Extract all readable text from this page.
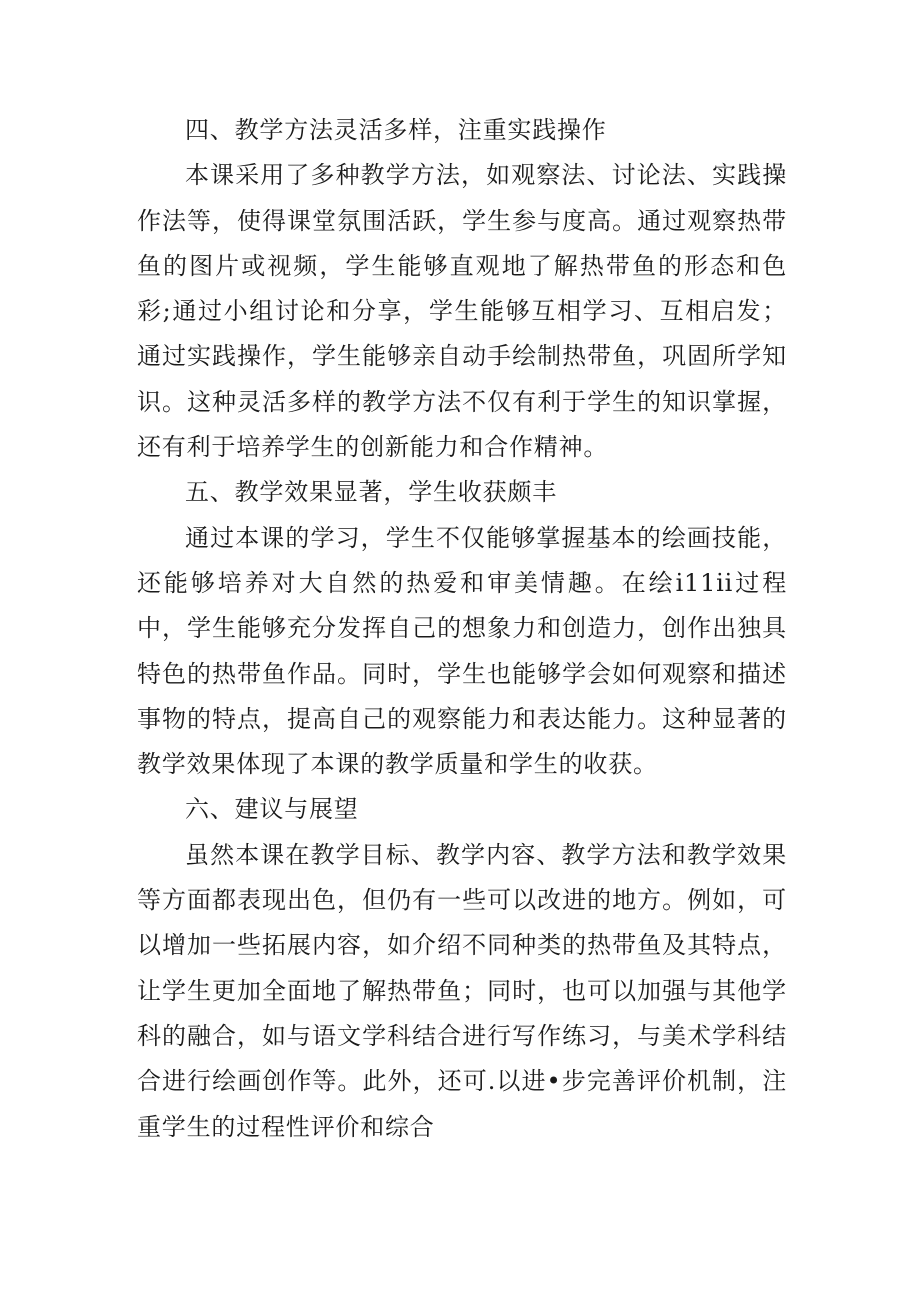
四、教学方法灵活多样，注重实践操作

本课采用了多种教学方法，如观察法、讨论法、实践操作法等，使得课堂氛围活跃，学生参与度高。通过观察热带鱼的图片或视频，学生能够直观地了解热带鱼的形态和色彩;通过小组讨论和分享，学生能够互相学习、互相启发；通过实践操作，学生能够亲自动手绘制热带鱼，巩固所学知识。这种灵活多样的教学方法不仅有利于学生的知识掌握，还有利于培养学生的创新能力和合作精神。

五、教学效果显著，学生收获颇丰

通过本课的学习，学生不仅能够掌握基本的绘画技能，还能够培养对大自然的热爱和审美情趣。在绘i11ii过程中，学生能够充分发挥自己的想象力和创造力，创作出独具特色的热带鱼作品。同时，学生也能够学会如何观察和描述事物的特点，提高自己的观察能力和表达能力。这种显著的教学效果体现了本课的教学质量和学生的收获。

六、建议与展望

虽然本课在教学目标、教学内容、教学方法和教学效果等方面都表现出色，但仍有一些可以改进的地方。例如，可以增加一些拓展内容，如介绍不同种类的热带鱼及其特点，让学生更加全面地了解热带鱼；同时，也可以加强与其他学科的融合，如与语文学科结合进行写作练习，与美术学科结合进行绘画创作等。此外，还可.以进•步完善评价机制，注重学生的过程性评价和综合
